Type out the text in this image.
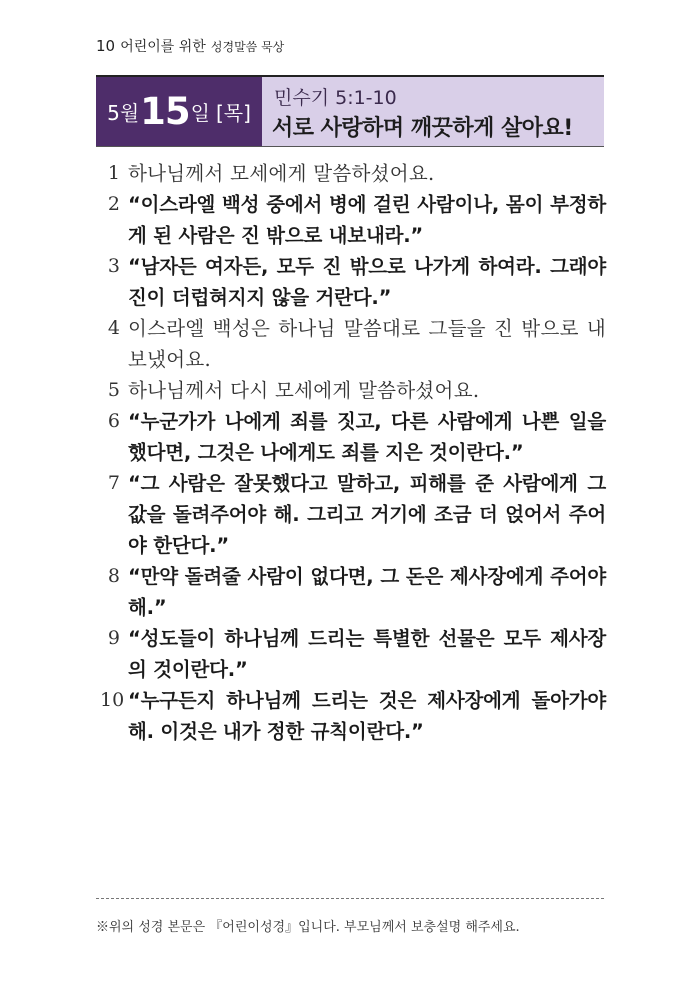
10 어린이를 위한 성경말씀 묵상
5월 15 일 [목]
민수기 5:1-10
서로 사랑하며 깨끗하게 살아요!
1 하나님께서 모세에게 말씀하셨어요.
2 “이스라엘 백성 중에서 병에 걸린 사람이나, 몸이 부정하게 된 사람은 진 밖으로 내보내라.”
3 “남자든 여자든, 모두 진 밖으로 나가게 하여라. 그래야 진이 더럽혀지지 않을 거란다.”
4 이스라엘 백성은 하나님 말씀대로 그들을 진 밖으로 내보냈어요.
5 하나님께서 다시 모세에게 말씀하셨어요.
6 “누군가가 나에게 죄를 짓고, 다른 사람에게 나쁜 일을 했다면, 그것은 나에게도 죄를 지은 것이란다.”
7 “그 사람은 잘못했다고 말하고, 피해를 준 사람에게 그 값을 돌려주어야 해. 그리고 거기에 조금 더 얹어서 주어야 한단다.”
8 “만약 돌려줄 사람이 없다면, 그 돈은 제사장에게 주어야 해.”
9 “성도들이 하나님께 드리는 특별한 선물은 모두 제사장의 것이란다.”
10 “누구든지 하나님께 드리는 것은 제사장에게 돌아가야 해. 이것은 내가 정한 규칙이란다.”
※위의 성경 본문은 『어린이성경』입니다. 부모님께서 보충설명 해주세요.
